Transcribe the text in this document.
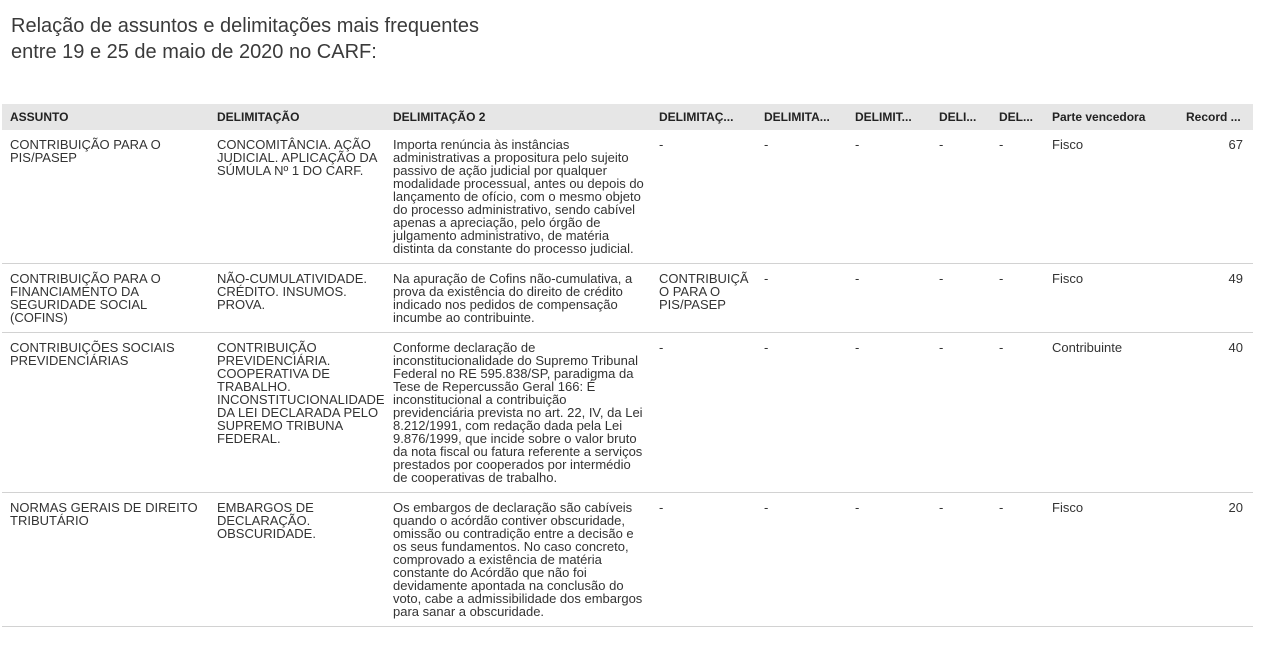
Relação de assuntos e delimitações mais frequentes
entre 19 e 25 de maio de 2020 no CARF:
ASSUNTO	DELIMITAÇÃO	DELIMITAÇÃO 2	DELIMITAÇ...	DELIMITA...	DELIMIT...	DELI...	DEL...	Parte vencedora	Record ...
CONTRIBUIÇÃO PARA O PIS/PASEP	CONCOMITÂNCIA. AÇÃO JUDICIAL. APLICAÇÃO DA SÚMULA Nº 1 DO CARF.	Importa renúncia às instâncias administrativas a propositura pelo sujeito passivo de ação judicial por qualquer modalidade processual, antes ou depois do lançamento de ofício, com o mesmo objeto do processo administrativo, sendo cabível apenas a apreciação, pelo órgão de julgamento administrativo, de matéria distinta da constante do processo judicial.	-	-	-	-	-	Fisco	67
CONTRIBUIÇÃO PARA O FINANCIAMENTO DA SEGURIDADE SOCIAL (COFINS)	NÃO-CUMULATIVIDADE. CRÉDITO. INSUMOS. PROVA.	Na apuração de Cofins não-cumulativa, a prova da existência do direito de crédito indicado nos pedidos de compensação incumbe ao contribuinte.	CONTRIBUIÇÃO PARA O PIS/PASEP	-	-	-	-	Fisco	49
CONTRIBUIÇÕES SOCIAIS PREVIDENCIÁRIAS	CONTRIBUIÇÃO PREVIDENCIÁRIA. COOPERATIVA DE TRABALHO. INCONSTITUCIONALIDADE DA LEI DECLARADA PELO SUPREMO TRIBUNA FEDERAL.	Conforme declaração de inconstitucionalidade do Supremo Tribunal Federal no RE 595.838/SP, paradigma da Tese de Repercussão Geral 166: É inconstitucional a contribuição previdenciária prevista no art. 22, IV, da Lei 8.212/1991, com redação dada pela Lei 9.876/1999, que incide sobre o valor bruto da nota fiscal ou fatura referente a serviços prestados por cooperados por intermédio de cooperativas de trabalho.	-	-	-	-	-	Contribuinte	40
NORMAS GERAIS DE DIREITO TRIBUTÁRIO	EMBARGOS DE DECLARAÇÃO. OBSCURIDADE.	Os embargos de declaração são cabíveis quando o acórdão contiver obscuridade, omissão ou contradição entre a decisão e os seus fundamentos. No caso concreto, comprovado a existência de matéria constante do Acórdão que não foi devidamente apontada na conclusão do voto, cabe a admissibilidade dos embargos para sanar a obscuridade.	-	-	-	-	-	Fisco	20
